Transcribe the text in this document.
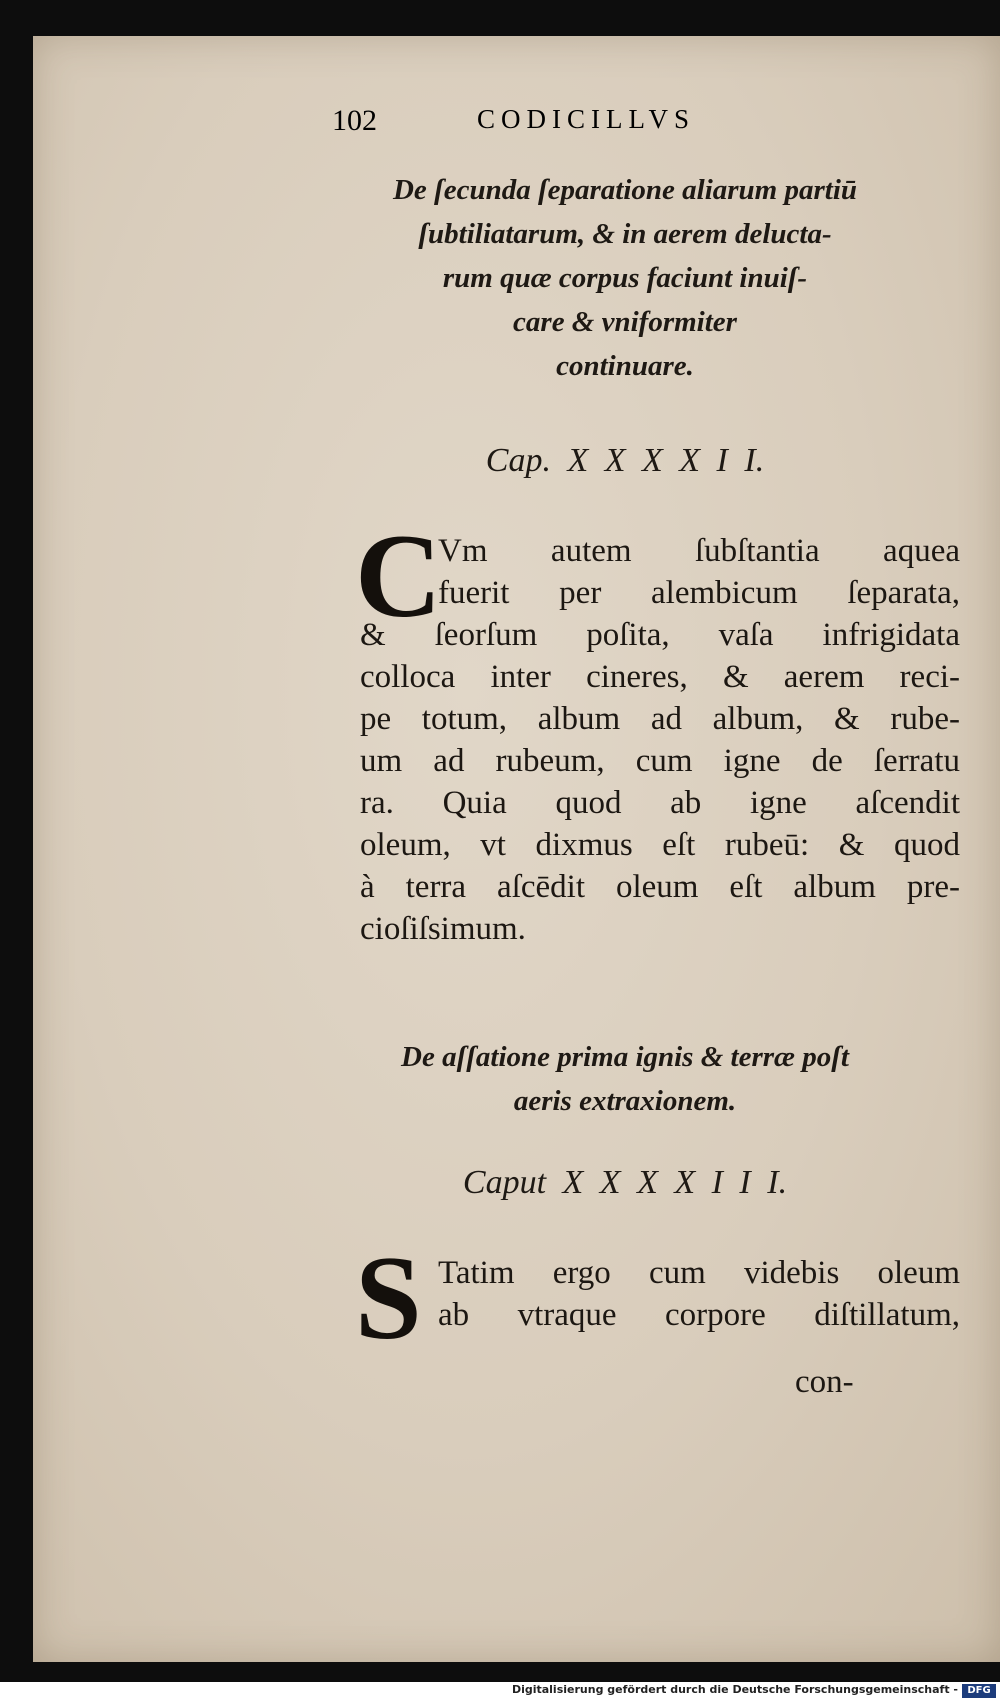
102	CODICILLVS
De ſecunda ſeparatione aliarum partiū
ſubtiliatarum, & in aerem delucta-
rum quæ corpus faciunt inuiſ-
care & vniformiter
continuare.
Cap. X X X X I I.
C
Vm autem ſubſtantia aquea
fuerit per alembicum ſeparata,
& ſeorſum poſita, vaſa infrigidata
colloca inter cineres, & aerem reci-
pe totum, album ad album, & rube-
um ad rubeum, cum igne de ſerratu
ra. Quia quod ab igne aſcendit
oleum, vt dixmus eſt rubeū: & quod
à terra aſcēdit oleum eſt album pre-
cioſiſsimum.
De aſſatione prima ignis & terræ poſt
aeris extraxionem.
Caput X X X X I I I.
S Tatim ergo cum videbis oleum
ab vtraque corpore diſtillatum,
con-
Digitalisierung gefördert durch die Deutsche Forschungsgemeinschaft - DFG
